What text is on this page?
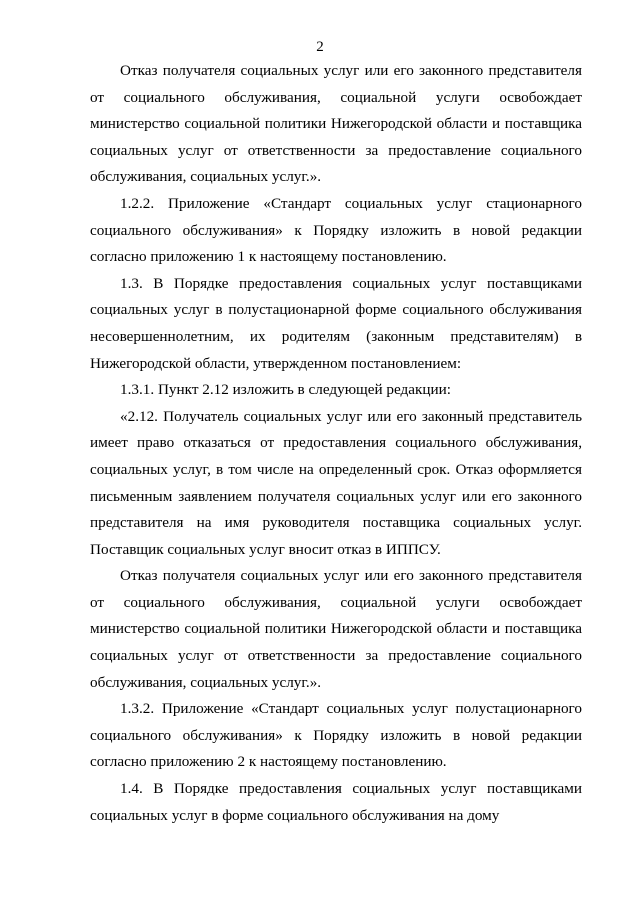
2

Отказ получателя социальных услуг или его законного представителя от социального обслуживания, социальной услуги освобождает министерство социальной политики Нижегородской области и поставщика социальных услуг от ответственности за предоставление социального обслуживания, социальных услуг.».

1.2.2. Приложение «Стандарт социальных услуг стационарного социального обслуживания» к Порядку изложить в новой редакции согласно приложению 1 к настоящему постановлению.

1.3. В Порядке предоставления социальных услуг поставщиками социальных услуг в полустационарной форме социального обслуживания несовершеннолетним, их родителям (законным представителям) в Нижегородской области, утвержденном постановлением:

1.3.1. Пункт 2.12 изложить в следующей редакции:

«2.12. Получатель социальных услуг или его законный представитель имеет право отказаться от предоставления социального обслуживания, социальных услуг, в том числе на определенный срок. Отказ оформляется письменным заявлением получателя социальных услуг или его законного представителя на имя руководителя поставщика социальных услуг. Поставщик социальных услуг вносит отказ в ИППСУ.

Отказ получателя социальных услуг или его законного представителя от социального обслуживания, социальной услуги освобождает министерство социальной политики Нижегородской области и поставщика социальных услуг от ответственности за предоставление социального обслуживания, социальных услуг.».

1.3.2. Приложение «Стандарт социальных услуг полустационарного социального обслуживания» к Порядку изложить в новой редакции согласно приложению 2 к настоящему постановлению.

1.4. В Порядке предоставления социальных услуг поставщиками социальных услуг в форме социального обслуживания на дому
